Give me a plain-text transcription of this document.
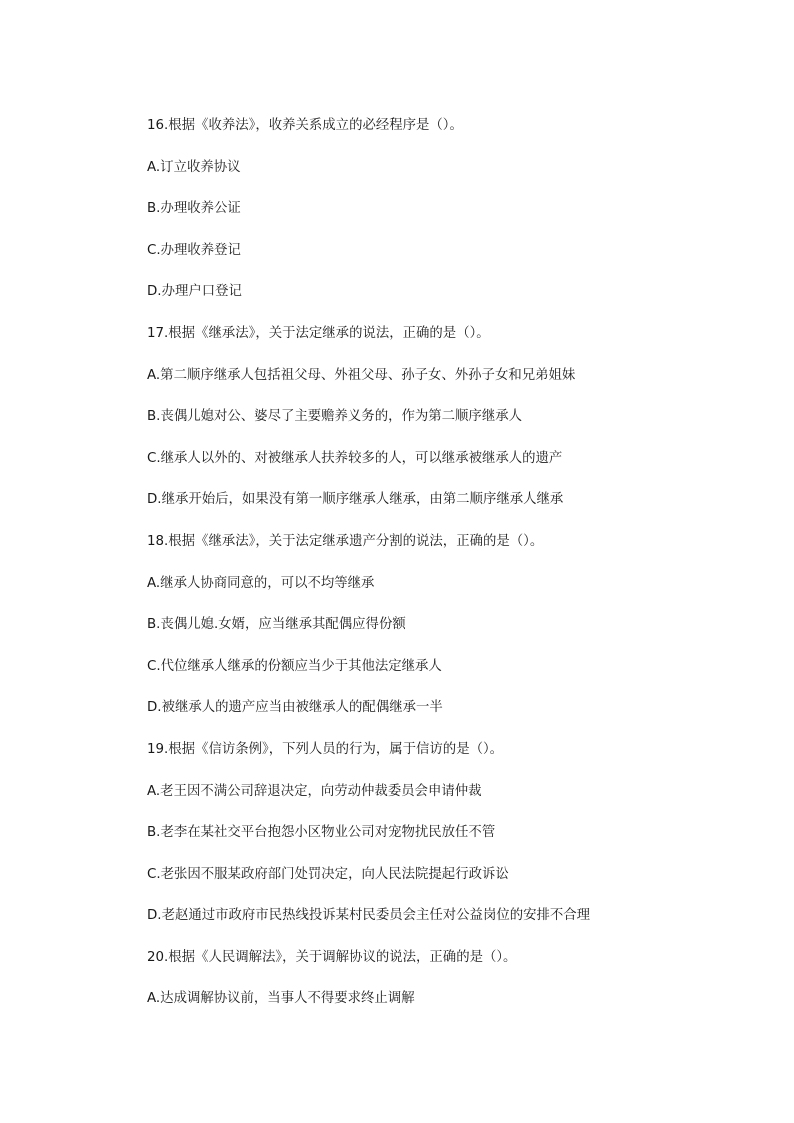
16.根据《收养法》，收养关系成立的必经程序是（）。
A.订立收养协议
B.办理收养公证
C.办理收养登记
D.办理户口登记
17.根据《继承法》，关于法定继承的说法，正确的是（）。
A.第二顺序继承人包括祖父母、外祖父母、孙子女、外孙子女和兄弟姐妹
B.丧偶儿媳对公、婆尽了主要赡养义务的，作为第二顺序继承人
C.继承人以外的、对被继承人扶养较多的人，可以继承被继承人的遗产
D.继承开始后，如果没有第一顺序继承人继承，由第二顺序继承人继承
18.根据《继承法》，关于法定继承遗产分割的说法，正确的是（）。
A.继承人协商同意的，可以不均等继承
B.丧偶儿媳.女婿，应当继承其配偶应得份额
C.代位继承人继承的份额应当少于其他法定继承人
D.被继承人的遗产应当由被继承人的配偶继承一半
19.根据《信访条例》，下列人员的行为，属于信访的是（）。
A.老王因不满公司辞退决定，向劳动仲裁委员会申请仲裁
B.老李在某社交平台抱怨小区物业公司对宠物扰民放任不管
C.老张因不服某政府部门处罚决定，向人民法院提起行政诉讼
D.老赵通过市政府市民热线投诉某村民委员会主任对公益岗位的安排不合理
20.根据《人民调解法》，关于调解协议的说法，正确的是（）。
A.达成调解协议前，当事人不得要求终止调解
